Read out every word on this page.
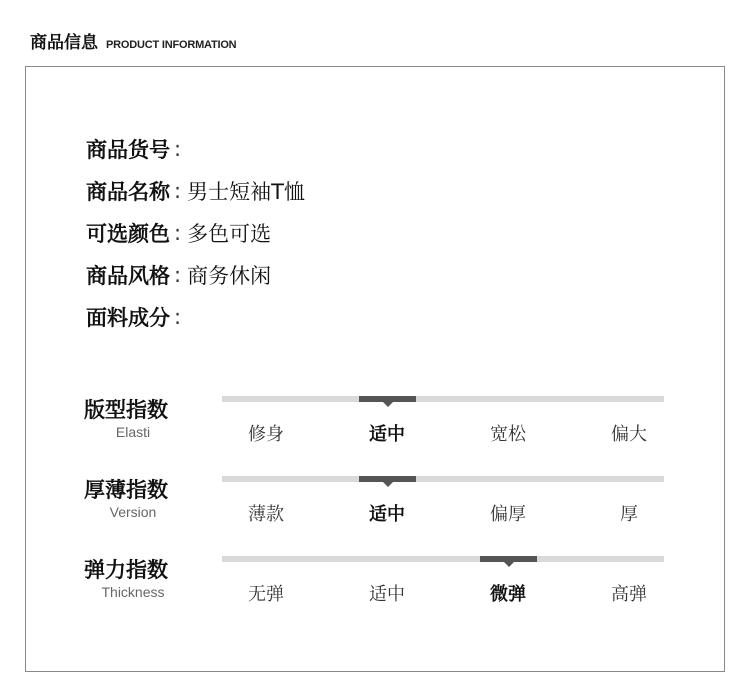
商品信息 PRODUCT INFORMATION
商品货号 :
商品名称 : 男士短袖T恤
可选颜色 : 多色可选
商品风格 : 商务休闲
面料成分 :
版型指数
Elasti	修身	适中	宽松	偏大
厚薄指数
Version	薄款	适中	偏厚	厚
弹力指数
Thickness	无弹	适中	微弹	高弹
